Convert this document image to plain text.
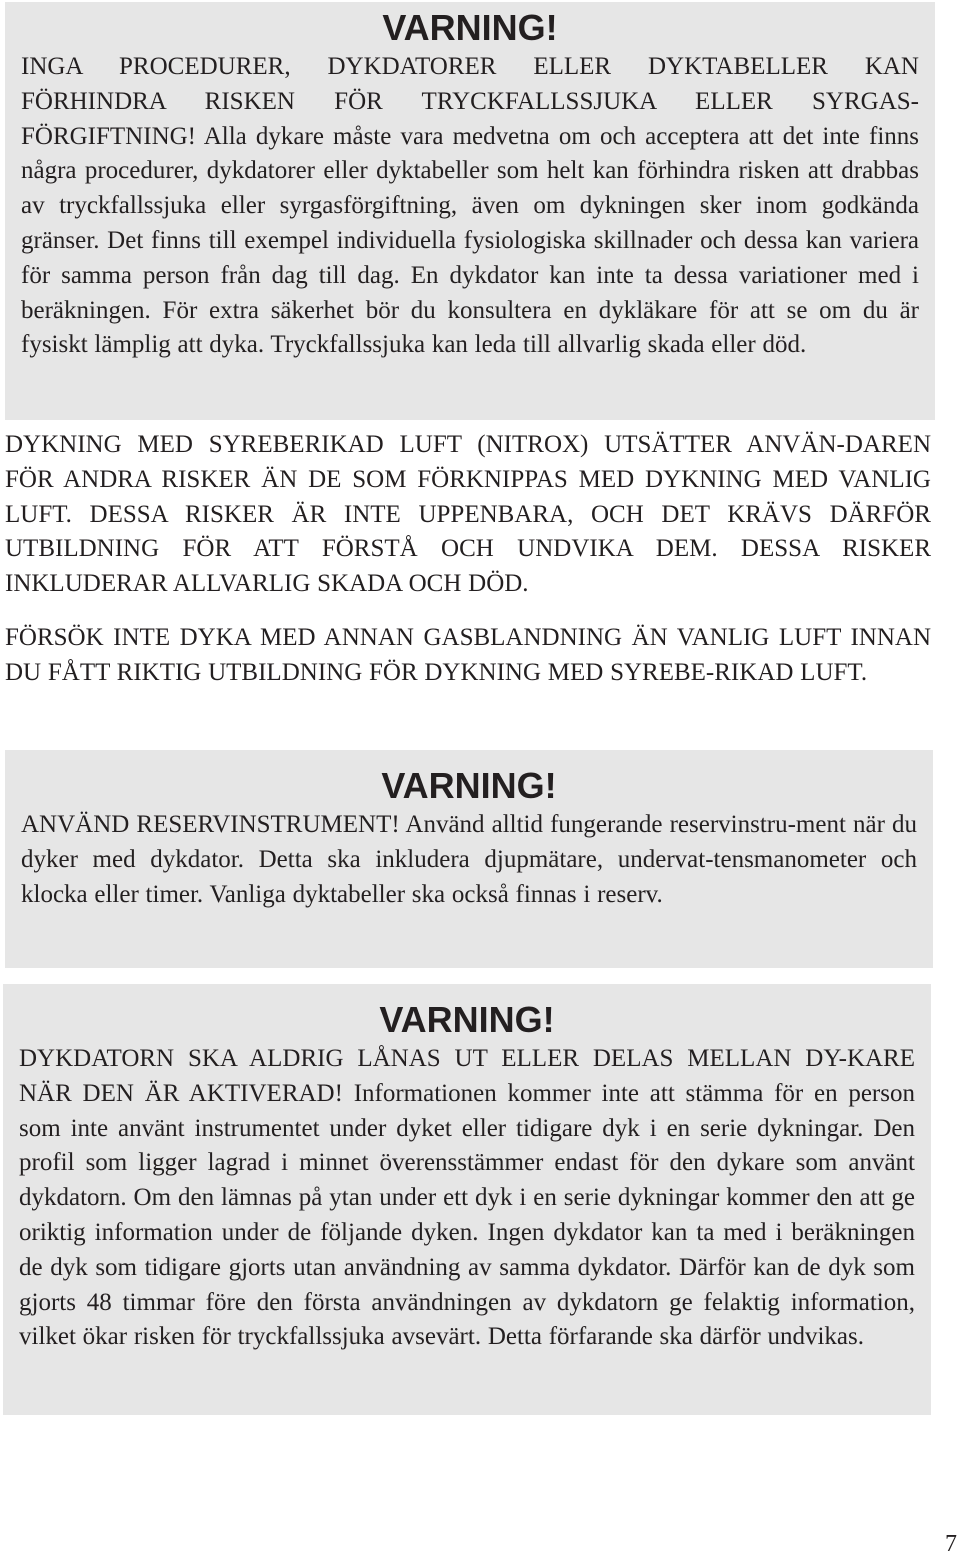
VARNING!

INGA PROCEDURER, DYKDATORER ELLER DYKTABELLER KAN FÖRHINDRA RISKEN FÖR TRYCKFALLSSJUKA ELLER SYRGAS-FÖRGIFTNING! Alla dykare måste vara medvetna om och acceptera att det inte finns några procedurer, dykdatorer eller dyktabeller som helt kan förhindra risken att drabbas av tryckfallssjuka eller syrgasförgiftning, även om dykningen sker inom godkända gränser. Det finns till exempel individuella fysiologiska skillnader och dessa kan variera för samma person från dag till dag. En dykdator kan inte ta dessa variationer med i beräkningen. För extra säkerhet bör du konsultera en dykläkare för att se om du är fysiskt lämplig att dyka. Tryckfallssjuka kan leda till allvarlig skada eller död.

DYKNING MED SYREBERIKAD LUFT (NITROX) UTSÄTTER ANVÄN-DAREN FÖR ANDRA RISKER ÄN DE SOM FÖRKNIPPAS MED DYKNING MED VANLIG LUFT. DESSA RISKER ÄR INTE UPPENBARA, OCH DET KRÄVS DÄRFÖR UTBILDNING FÖR ATT FÖRSTÅ OCH UNDVIKA DEM. DESSA RISKER INKLUDERAR ALLVARLIG SKADA OCH DÖD.

FÖRSÖK INTE DYKA MED ANNAN GASBLANDNING ÄN VANLIG LUFT INNAN DU FÅTT RIKTIG UTBILDNING FÖR DYKNING MED SYREBE-RIKAD LUFT.

VARNING!

ANVÄND RESERVINSTRUMENT! Använd alltid fungerande reservinstru-ment när du dyker med dykdator. Detta ska inkludera djupmätare, undervat-tensmanometer och klocka eller timer. Vanliga dyktabeller ska också finnas i reserv.

VARNING!

DYKDATORN SKA ALDRIG LÅNAS UT ELLER DELAS MELLAN DY-KARE NÄR DEN ÄR AKTIVERAD! Informationen kommer inte att stämma för en person som inte använt instrumentet under dyket eller tidigare dyk i en serie dykningar. Den profil som ligger lagrad i minnet överensstämmer endast för den dykare som använt dykdatorn. Om den lämnas på ytan under ett dyk i en serie dykningar kommer den att ge oriktig information under de följande dyken. Ingen dykdator kan ta med i beräkningen de dyk som tidigare gjorts utan användning av samma dykdator. Därför kan de dyk som gjorts 48 timmar före den första användningen av dykdatorn ge felaktig information, vilket ökar risken för tryckfallssjuka avsevärt. Detta förfarande ska därför undvikas.

7
